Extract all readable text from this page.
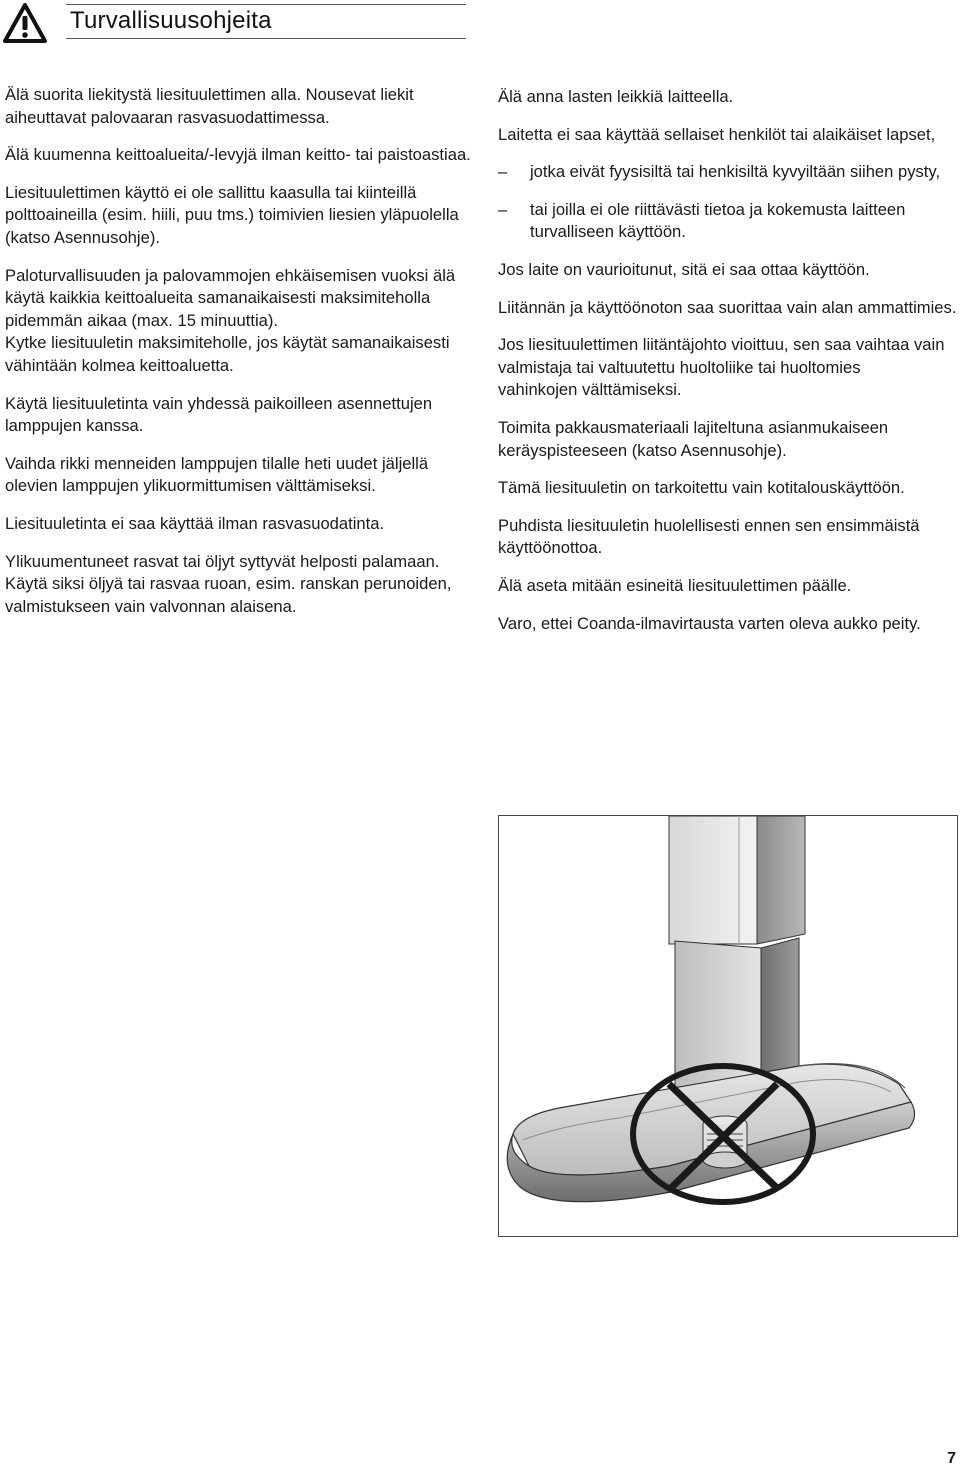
Turvallisuusohjeita

Älä suorita liekitystä liesituulettimen alla. Nousevat liekit aiheuttavat palovaaran rasvasuodattimessa.

Älä kuumenna keittoalueita/-levyjä ilman keitto- tai paistoastiaa.

Liesituulettimen käyttö ei ole sallittu kaasulla tai kiinteillä polttoaineilla (esim. hiili, puu tms.) toimivien liesien yläpuolella (katso Asennusohje).

Paloturvallisuuden ja palovammojen ehkäisemisen vuoksi älä käytä kaikkia keittoalueita samanaikaisesti maksimiteholla pidemmän aikaa (max. 15 minuuttia).

Kytke liesituuletin maksimiteholle, jos käytät samanaikaisesti vähintään kolmea keittoaluetta.

Käytä liesituuletinta vain yhdessä paikoilleen asennettujen lamppujen kanssa.

Vaihda rikki menneiden lamppujen tilalle heti uudet jäljellä olevien lamppujen ylikuormittumisen välttämiseksi.

Liesituuletinta ei saa käyttää ilman rasvasuodatinta.

Ylikuumentuneet rasvat tai öljyt syttyvät helposti palamaan.

Käytä siksi öljyä tai rasvaa ruoan, esim. ranskan perunoiden, valmistukseen vain valvonnan alaisena.

Älä anna lasten leikkiä laitteella.

Laitetta ei saa käyttää sellaiset henkilöt tai alaikäiset lapset,

– jotka eivät fyysisiltä tai henkisiltä kyvyiltään siihen pysty,
– tai joilla ei ole riittävästi tietoa ja kokemusta laitteen turvalliseen käyttöön.

Jos laite on vaurioitunut, sitä ei saa ottaa käyttöön.

Liitännän ja käyttöönoton saa suorittaa vain alan ammattimies.

Jos liesituulettimen liitäntäjohto vioittuu, sen saa vaihtaa vain valmistaja tai valtuutettu huoltoliike tai huoltomies

vahinkojen välttämiseksi.

Toimita pakkausmateriaali lajiteltuna asianmukaiseen keräyspisteeseen (katso Asennusohje).

Tämä liesituuletin on tarkoitettu vain kotitalouskäyttöön.

Puhdista liesituuletin huolellisesti ennen sen ensimmäistä käyttöönottoa.

Älä aseta mitään esineitä liesituulettimen päälle.

Varo, ettei Coanda-ilmavirtausta varten oleva aukko peity.

7
